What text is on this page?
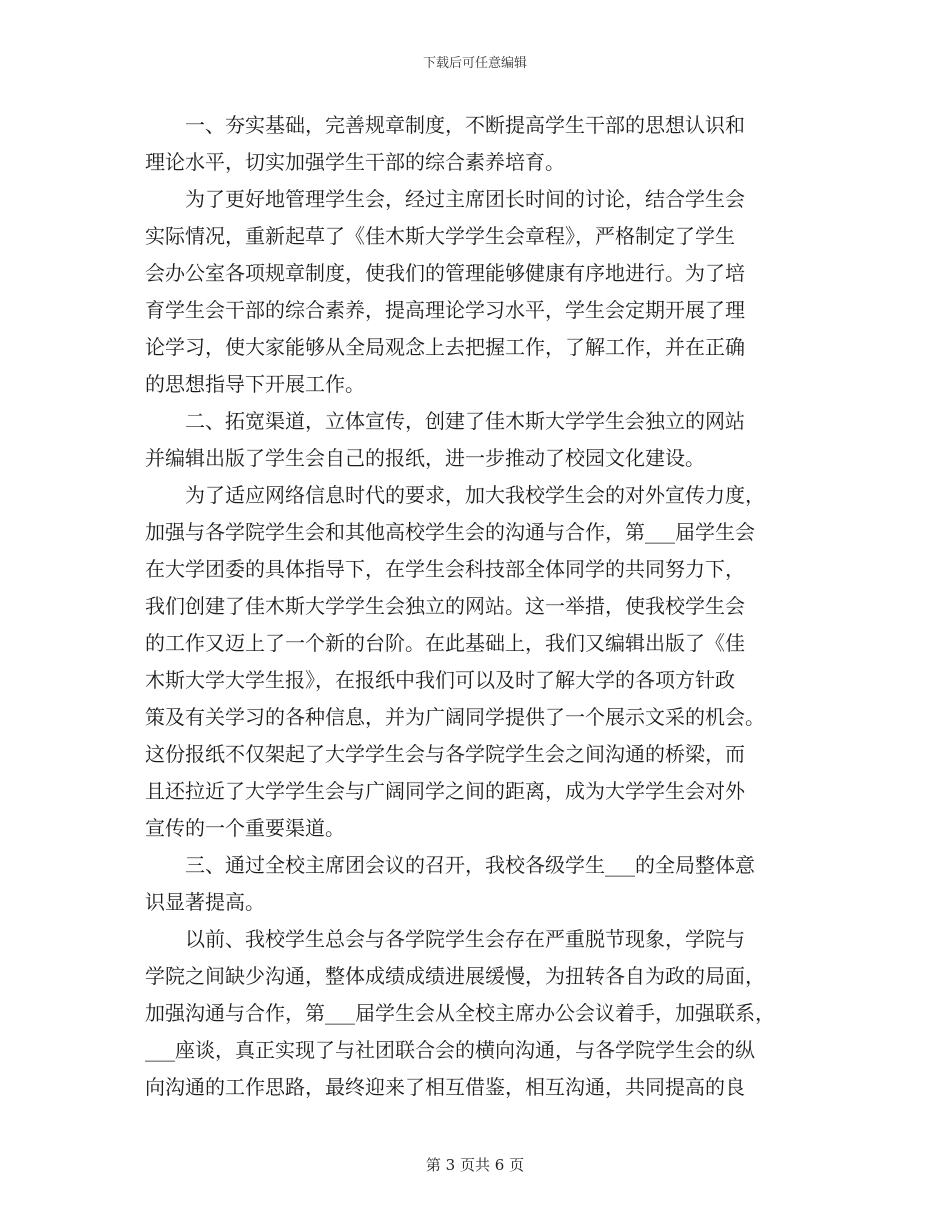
下载后可任意编辑
　　一、夯实基础，完善规章制度，不断提高学生干部的思想认识和
理论水平，切实加强学生干部的综合素养培育。
　　为了更好地管理学生会，经过主席团长时间的讨论，结合学生会
实际情况，重新起草了《佳木斯大学学生会章程》，严格制定了学生
会办公室各项规章制度，使我们的管理能够健康有序地进行。为了培
育学生会干部的综合素养，提高理论学习水平，学生会定期开展了理
论学习，使大家能够从全局观念上去把握工作，了解工作，并在正确
的思想指导下开展工作。
　　二、拓宽渠道，立体宣传，创建了佳木斯大学学生会独立的网站
并编辑出版了学生会自己的报纸，进一步推动了校园文化建设。
　　为了适应网络信息时代的要求，加大我校学生会的对外宣传力度，
加强与各学院学生会和其他高校学生会的沟通与合作，第___届学生会
在大学团委的具体指导下，在学生会科技部全体同学的共同努力下，
我们创建了佳木斯大学学生会独立的网站。这一举措，使我校学生会
的工作又迈上了一个新的台阶。在此基础上，我们又编辑出版了《佳
木斯大学大学生报》，在报纸中我们可以及时了解大学的各项方针政
策及有关学习的各种信息，并为广阔同学提供了一个展示文采的机会。
这份报纸不仅架起了大学学生会与各学院学生会之间沟通的桥梁，而
且还拉近了大学学生会与广阔同学之间的距离，成为大学学生会对外
宣传的一个重要渠道。
　　三、通过全校主席团会议的召开，我校各级学生___的全局整体意
识显著提高。
　　以前、我校学生总会与各学院学生会存在严重脱节现象，学院与
学院之间缺少沟通，整体成绩成绩进展缓慢，为扭转各自为政的局面，
加强沟通与合作，第___届学生会从全校主席办公会议着手，加强联系，
___座谈，真正实现了与社团联合会的横向沟通，与各学院学生会的纵
向沟通的工作思路，最终迎来了相互借鉴，相互沟通，共同提高的良
第 3 页共 6 页
